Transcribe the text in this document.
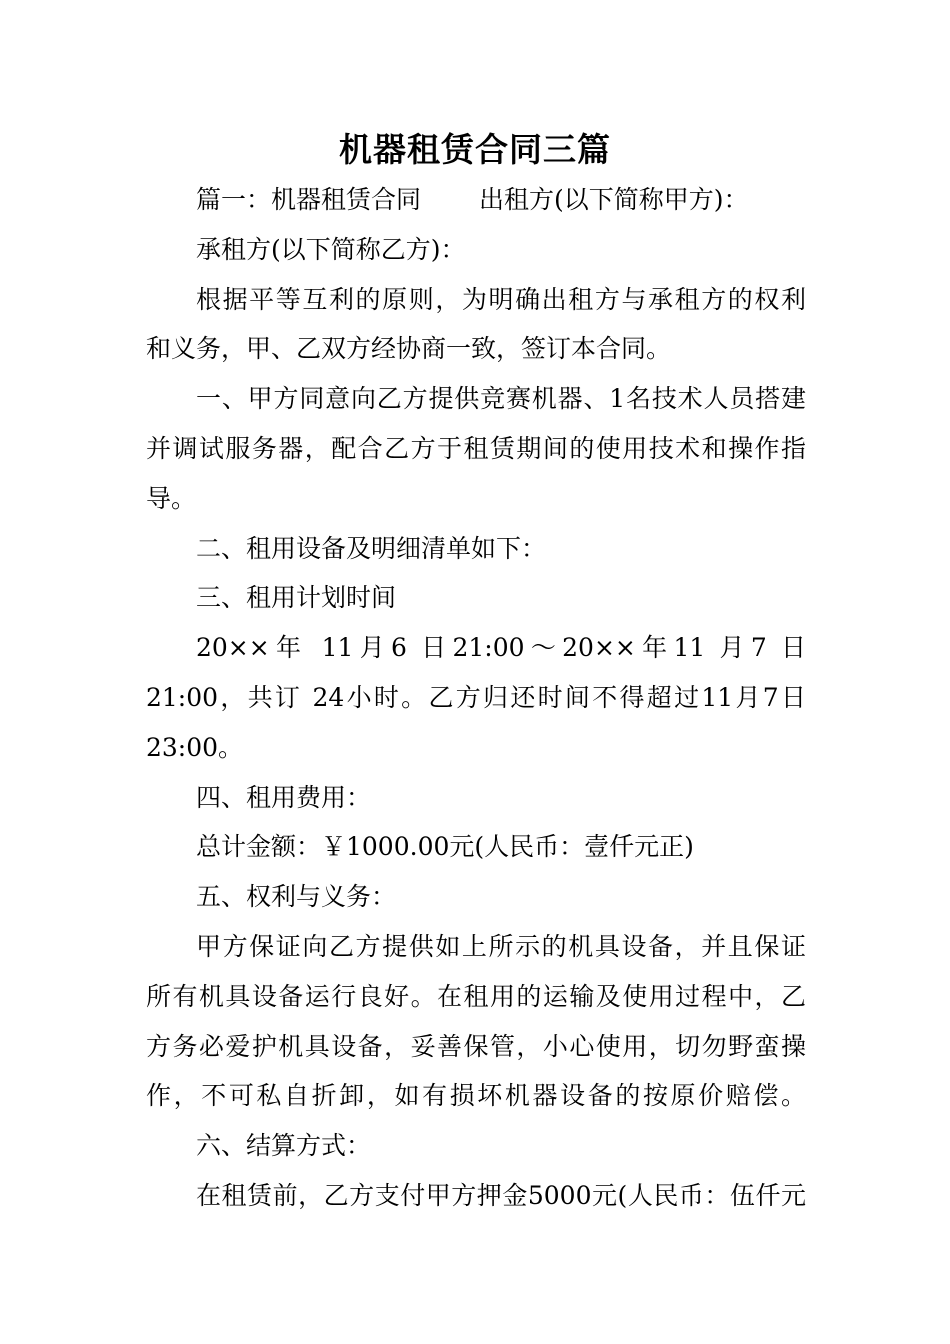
机器租赁合同三篇
篇一：机器租赁合同　　 出租方(以下简称甲方)：
承租方(以下简称乙方)：
根据平等互利的原则，为明确出租方与承租方的权利
和义务，甲、乙双方经协商一致，签订本合同。
一、甲方同意向乙方提供竞赛机器、1名技术人员搭建
并调试服务器，配合乙方于租赁期间的使用技术和操作指
导。
二、租用设备及明细清单如下：
三、租用计划时间
20××年 11月6 日21:00～20××年11 月7 日
21:00，共订 24小时。乙方归还时间不得超过11月7日
23:00。
四、租用费用：
总计金额：￥1000.00元(人民币：壹仟元正)
五、权利与义务：
甲方保证向乙方提供如上所示的机具设备，并且保证
所有机具设备运行良好。在租用的运输及使用过程中，乙
方务必爱护机具设备，妥善保管，小心使用，切勿野蛮操
作，不可私自折卸，如有损坏机器设备的按原价赔偿。
六、结算方式：
在租赁前，乙方支付甲方押金5000元(人民币：伍仟元
